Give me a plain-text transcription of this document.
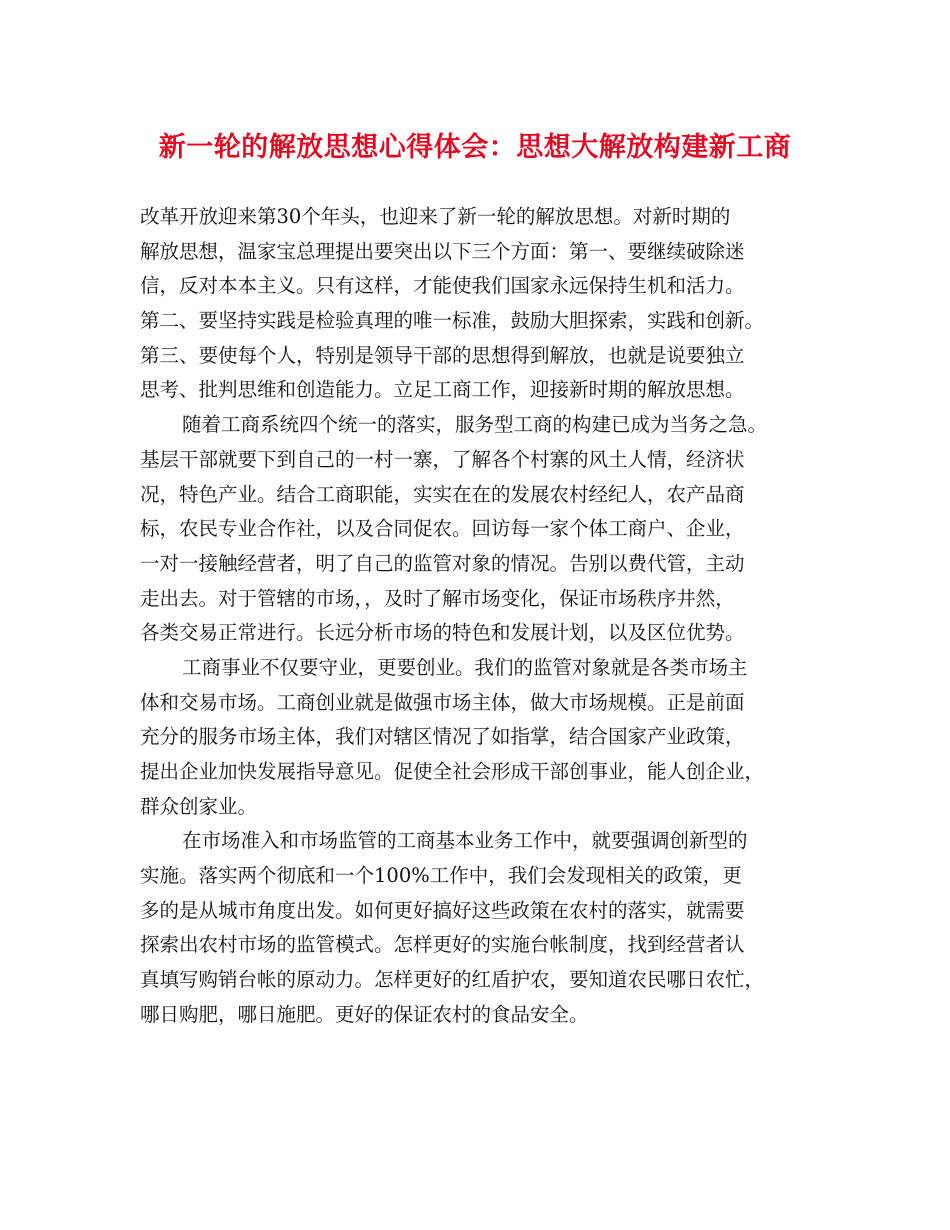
新一轮的解放思想心得体会：思想大解放构建新工商

改革开放迎来第30个年头，也迎来了新一轮的解放思想。对新时期的
解放思想，温家宝总理提出要突出以下三个方面：第一、要继续破除迷
信，反对本本主义。只有这样，才能使我们国家永远保持生机和活力。
第二、要坚持实践是检验真理的唯一标准，鼓励大胆探索，实践和创新。
第三、要使每个人，特别是领导干部的思想得到解放，也就是说要独立
思考、批判思维和创造能力。立足工商工作，迎接新时期的解放思想。

随着工商系统四个统一的落实，服务型工商的构建已成为当务之急。
基层干部就要下到自己的一村一寨，了解各个村寨的风土人情，经济状
况，特色产业。结合工商职能，实实在在的发展农村经纪人，农产品商
标，农民专业合作社，以及合同促农。回访每一家个体工商户、企业，
一对一接触经营者，明了自己的监管对象的情况。告别以费代管，主动
走出去。对于管辖的市场，，及时了解市场变化，保证市场秩序井然，
各类交易正常进行。长远分析市场的特色和发展计划，以及区位优势。

工商事业不仅要守业，更要创业。我们的监管对象就是各类市场主
体和交易市场。工商创业就是做强市场主体，做大市场规模。正是前面
充分的服务市场主体，我们对辖区情况了如指掌，结合国家产业政策，
提出企业加快发展指导意见。促使全社会形成干部创事业，能人创企业，
群众创家业。

在市场准入和市场监管的工商基本业务工作中，就要强调创新型的
实施。落实两个彻底和一个100%工作中，我们会发现相关的政策，更
多的是从城市角度出发。如何更好搞好这些政策在农村的落实，就需要
探索出农村市场的监管模式。怎样更好的实施台帐制度，找到经营者认
真填写购销台帐的原动力。怎样更好的红盾护农，要知道农民哪日农忙，
哪日购肥，哪日施肥。更好的保证农村的食品安全。
